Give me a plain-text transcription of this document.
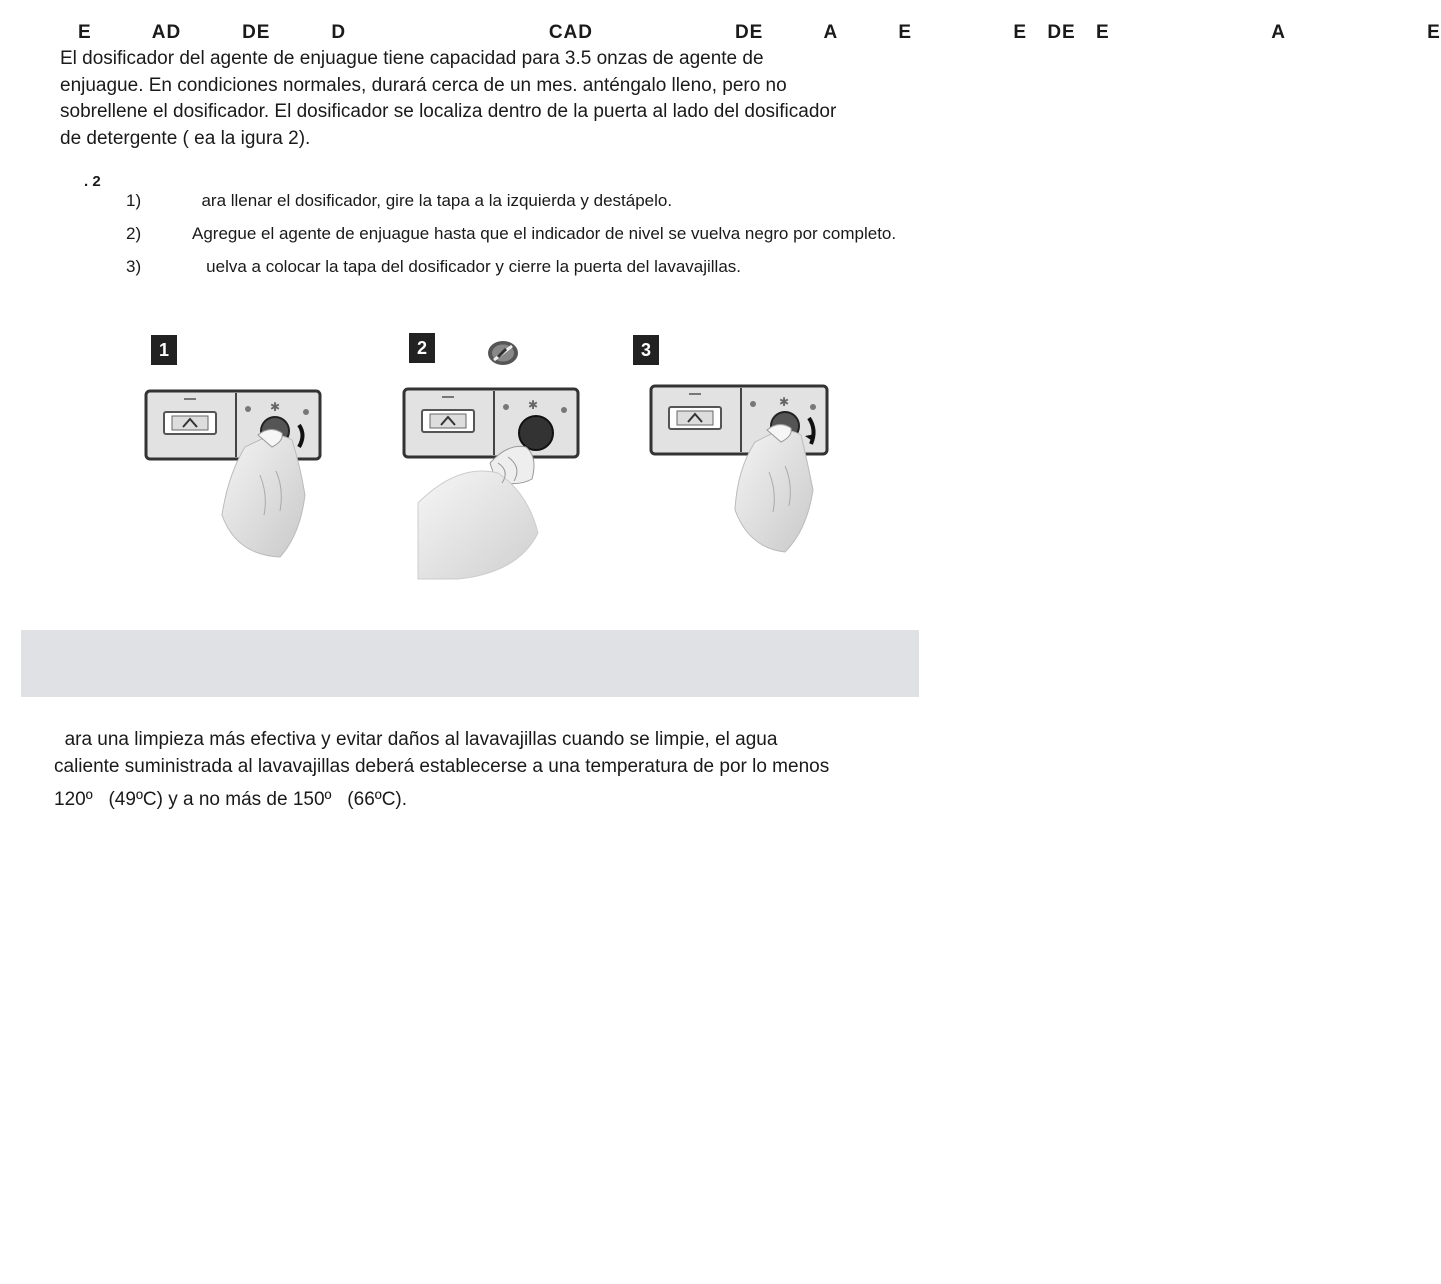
E   AD   DE   D          CAD       DE   A   E     E DE E        A       E

El dosificador del agente de enjuague tiene capacidad para 3.5 onzas de agente de

enjuague. En condiciones normales, durará cerca de un mes. anténgalo lleno, pero no

sobrellene el dosificador. El dosificador se localiza dentro de la puerta al lado del dosificador

de detergente ( ea la igura 2).

. 2
1)	ara llenar el dosificador, gire la tapa a la izquierda y destápelo.
2)	Agregue el agente de enjuague hasta que el indicador de nivel se vuelva negro por completo.
3)	uelva a colocar la tapa del dosificador y cierre la puerta del lavavajillas.
1	2	3
✱	✱	✱

ara una limpieza más efectiva y evitar daños al lavavajillas cuando se limpie, el agua

caliente suministrada al lavavajillas deberá establecerse a una temperatura de por lo menos

120º   (49ºC) y a no más de 150º   (66ºC).
